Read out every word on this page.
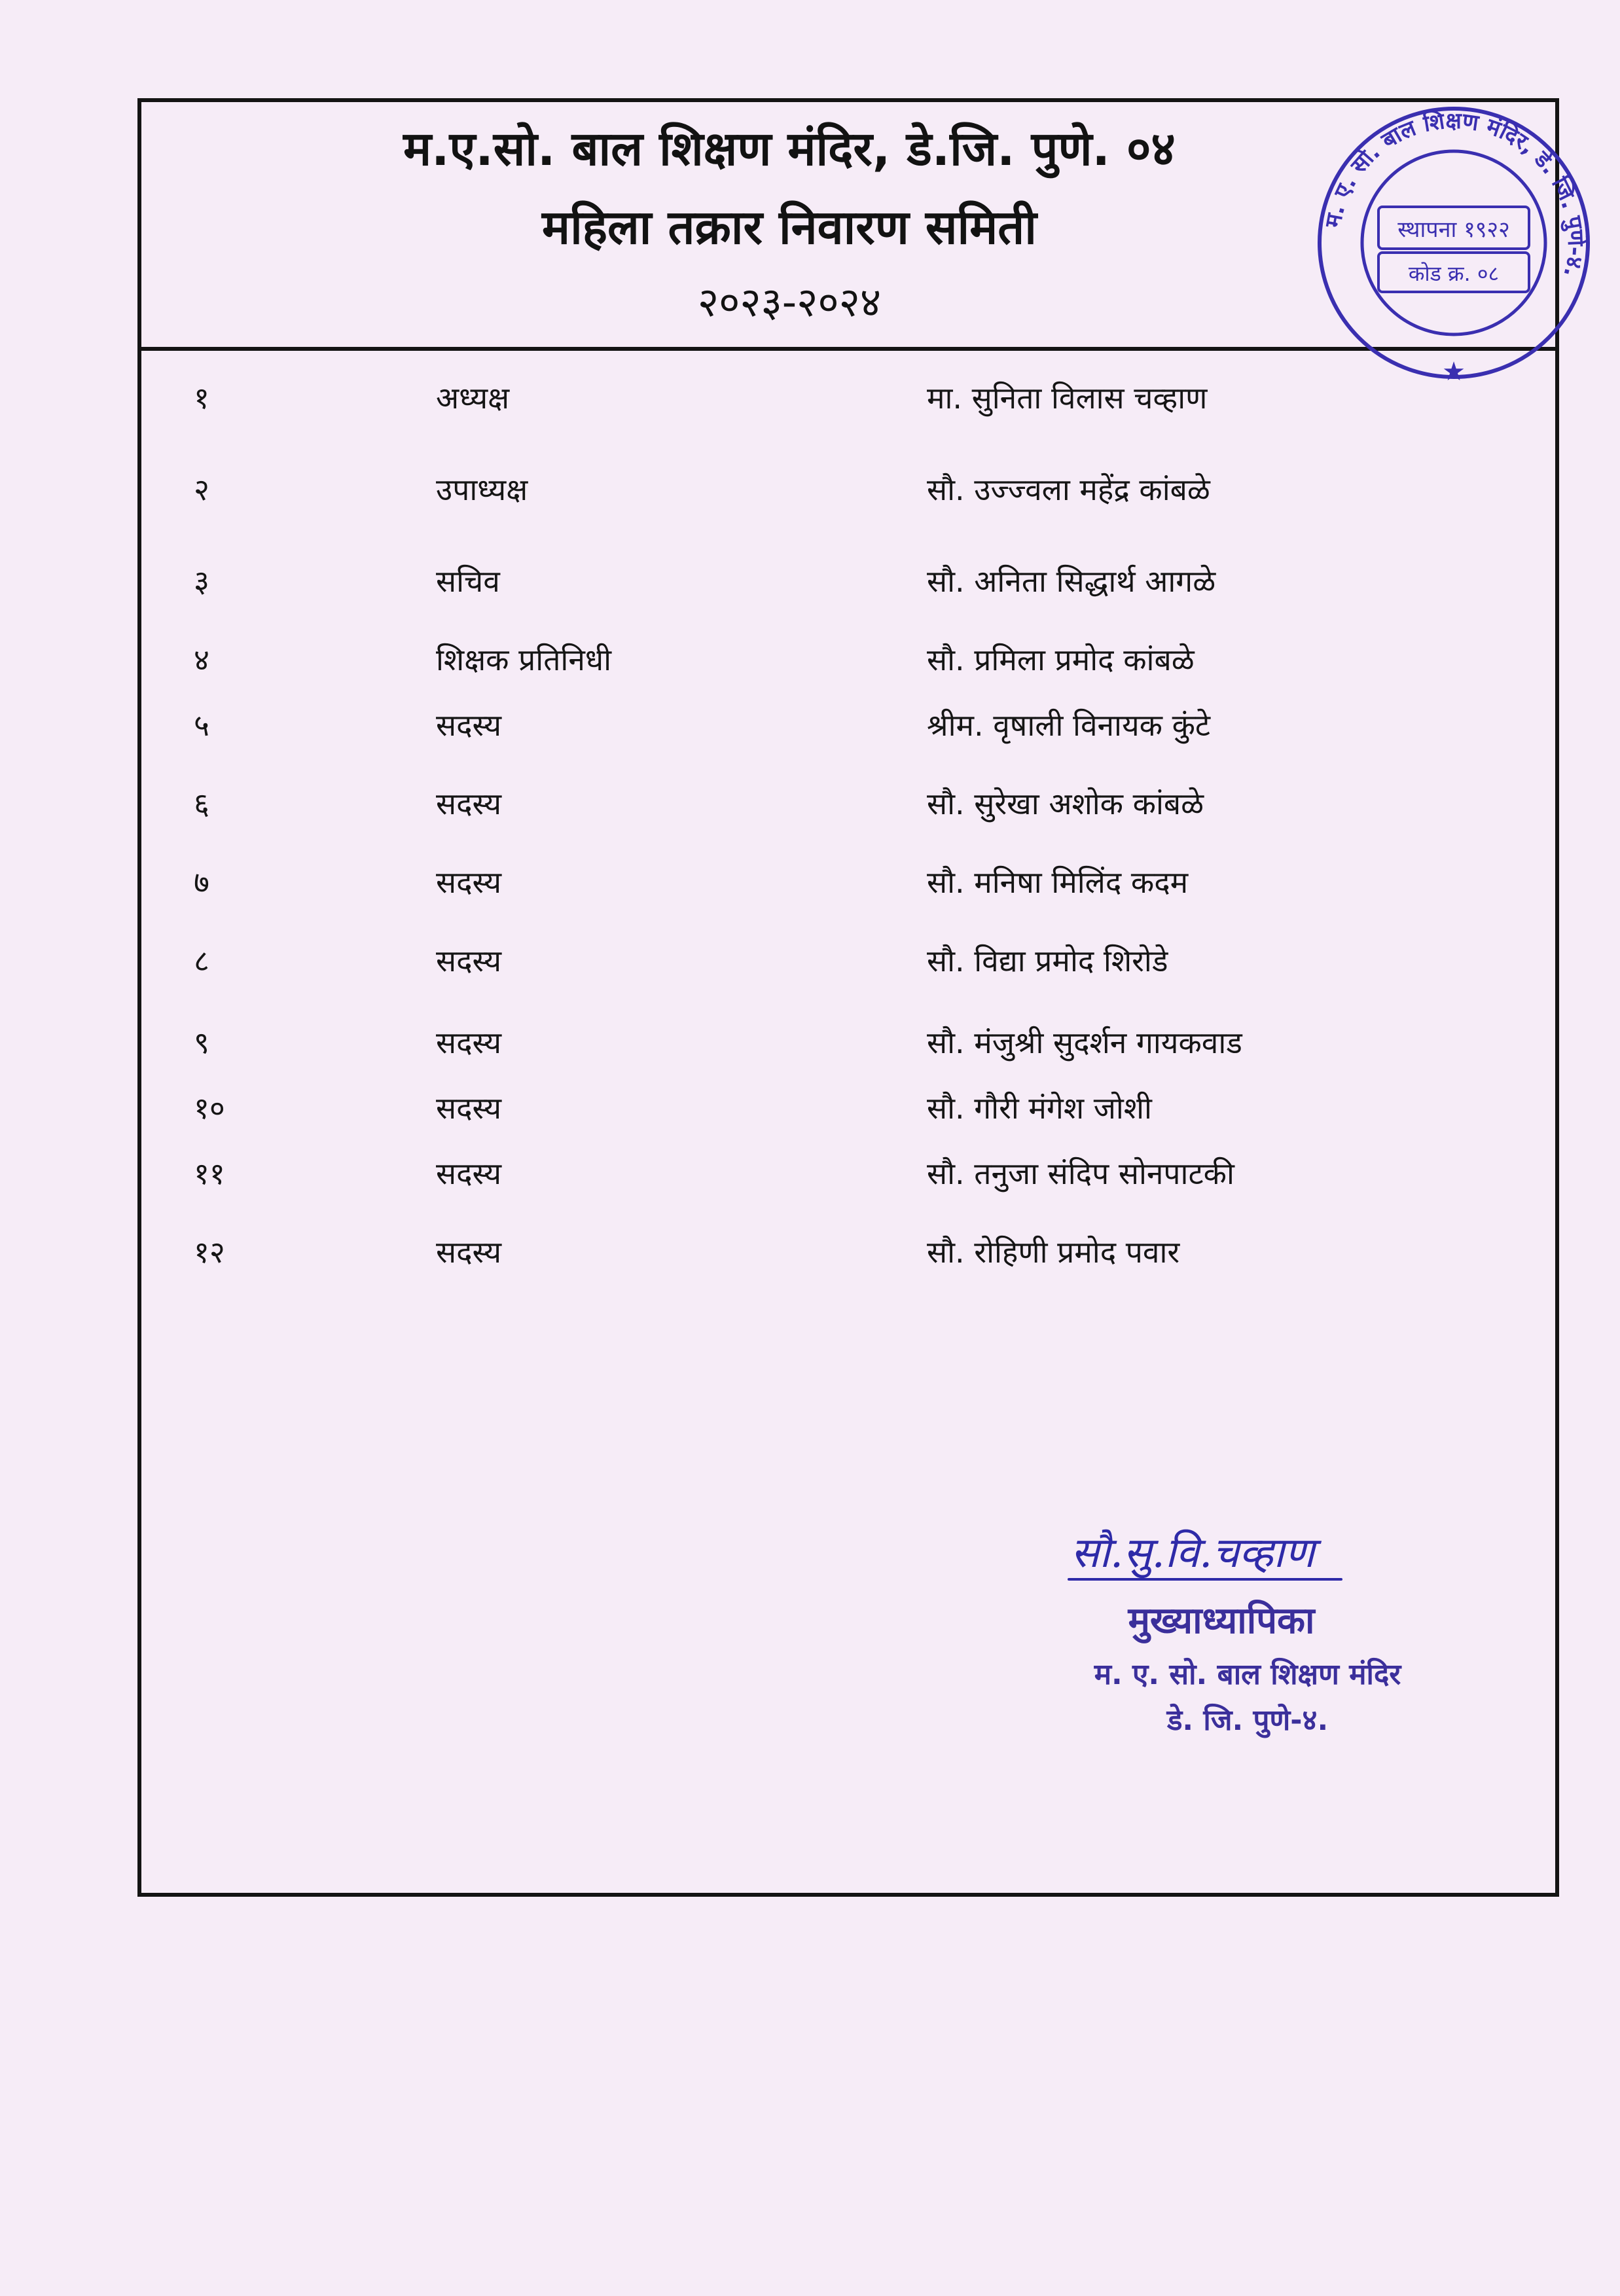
म.ए.सो. बाल शिक्षण मंदिर, डे.जि. पुणे. ०४
महिला तक्रार निवारण समिती
२०२३-२०२४
म. ए. सो. बाल शिक्षण मंदिर, डे. जि. पुणे-४.
स्थापना १९२२
कोड क्र. ०८
★
१	अध्यक्ष	मा. सुनिता विलास चव्हाण
२	उपाध्यक्ष	सौ. उज्ज्वला महेंद्र कांबळे
३	सचिव	सौ. अनिता सिद्धार्थ आगळे
४	शिक्षक प्रतिनिधी	सौ. प्रमिला प्रमोद कांबळे
५	सदस्य	श्रीम. वृषाली विनायक कुंटे
६	सदस्य	सौ. सुरेखा अशोक कांबळे
७	सदस्य	सौ. मनिषा मिलिंद कदम
८	सदस्य	सौ. विद्या प्रमोद शिरोडे
९	सदस्य	सौ. मंजुश्री सुदर्शन गायकवाड
१०	सदस्य	सौ. गौरी मंगेश जोशी
११	सदस्य	सौ. तनुजा संदिप सोनपाटकी
१२	सदस्य	सौ. रोहिणी प्रमोद पवार
सौ.सु.वि.चव्हाण
मुख्याध्यापिका
म. ए. सो. बाल शिक्षण मंदिर
डे. जि. पुणे-४.
